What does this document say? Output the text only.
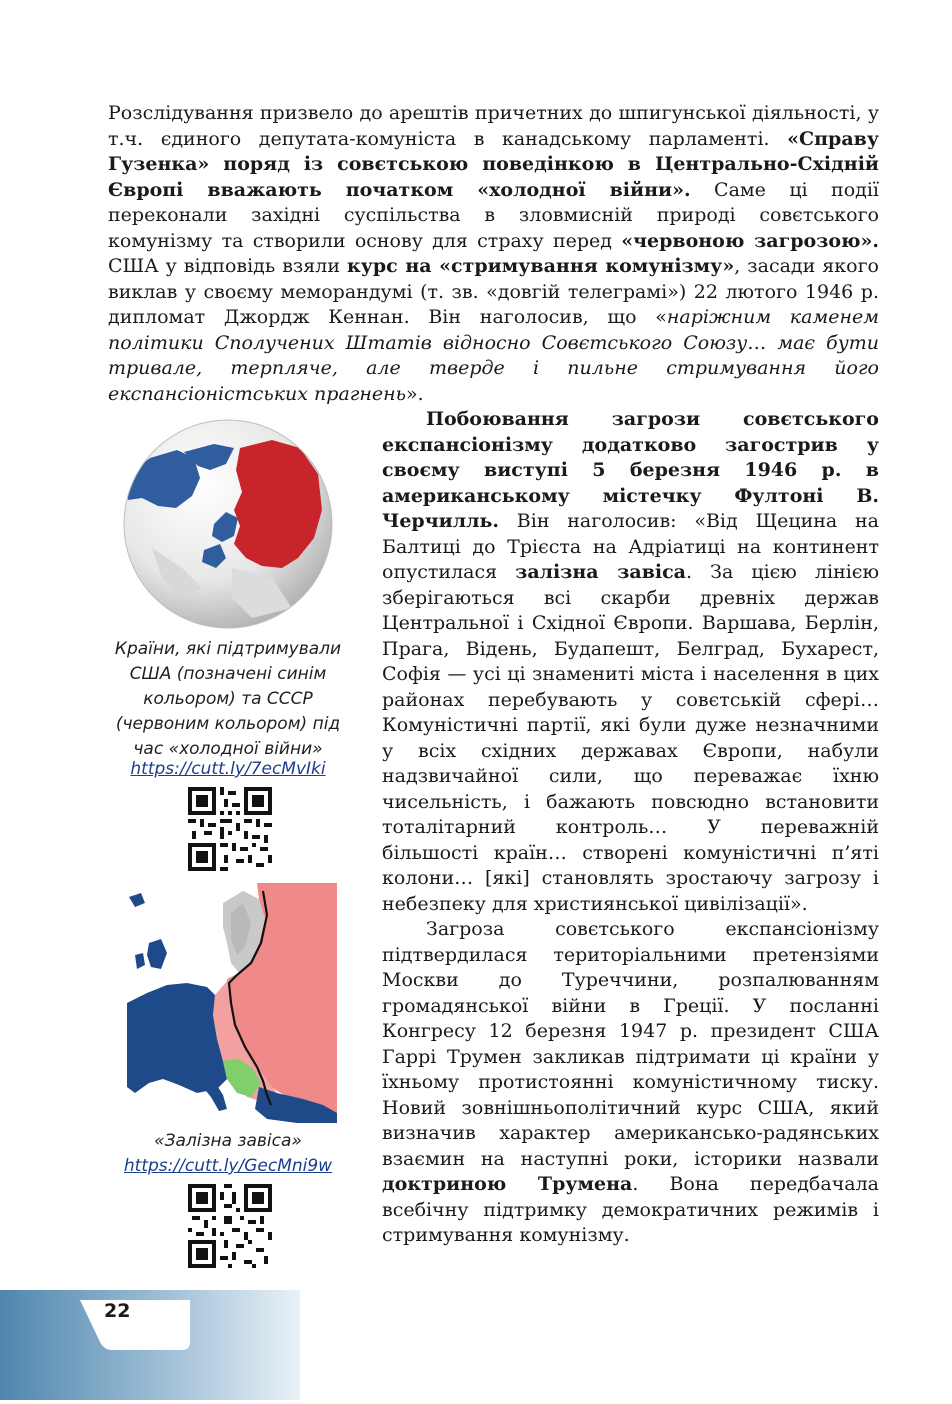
Розслідування призвело до арештів причетних до шпигунської діяльності, у т.ч. єдиного депутата-комуніста в канадському парламенті. «Справу Гузенка» поряд із совєтською поведінкою в Центрально-Східній Європі вважають початком «холодної війни». Саме ці події переконали західні суспільства в зловмисній природі совєтського комунізму та створили основу для страху перед «червоною загрозою». США у відповідь взяли курс на «стримування комунізму», засади якого виклав у своєму меморандумі (т. зв. «довгій телеграмі») 22 лютого 1946 р. дипломат Джордж Кеннан. Він наголосив, що «наріжним каменем політики Сполучених Штатів відносно Совєтського Союзу… має бути тривале, терпляче, але тверде і пильне стримування його експансіоністських прагнень».

Країни, які підтримували США (позначені синім кольором) та СССР (червоним кольором) під час «холодної війни»
https://cutt.ly/7ecMvIki
«Залізна завіса»
https://cutt.ly/GecMni9w

Побоювання загрози совєтського експансіонізму додатково загострив у своєму виступі 5 березня 1946 р. в американському містечку Фултоні В. Черчилль. Він наголосив: «Від Щецина на Балтиці до Трієста на Адріатиці на континент опустилася залізна завіса. За цією лінією зберігаються всі скарби древніх держав Центральної і Східної Європи. Варшава, Берлін, Прага, Відень, Будапешт, Белград, Бухарест, Софія — усі ці знамениті міста і населення в цих районах перебувають у совєтській сфері… Комуністичні партії, які були дуже незначними у всіх східних державах Європи, набули надзвичайної сили, що переважає їхню чисельність, і бажають повсюдно встановити тоталітарний контроль… У переважній більшості країн… створені комуністичні п’яті колони… [які] становлять зростаючу загрозу і небезпеку для християнської цивілізації».

Загроза совєтського експансіонізму підтвердилася територіальними претензіями Москви до Туреччини, розпалюванням громадянської війни в Греції. У посланні Конгресу 12 березня 1947 р. президент США Гаррі Трумен закликав підтримати ці країни у їхньому протистоянні комуністичному тиску. Новий зовнішньополітичний курс США, який визначив характер американсько-радянських взаємин на наступні роки, історики назвали доктриною Трумена. Вона передбачала всебічну підтримку демократичних режимів і стримування комунізму.

22
